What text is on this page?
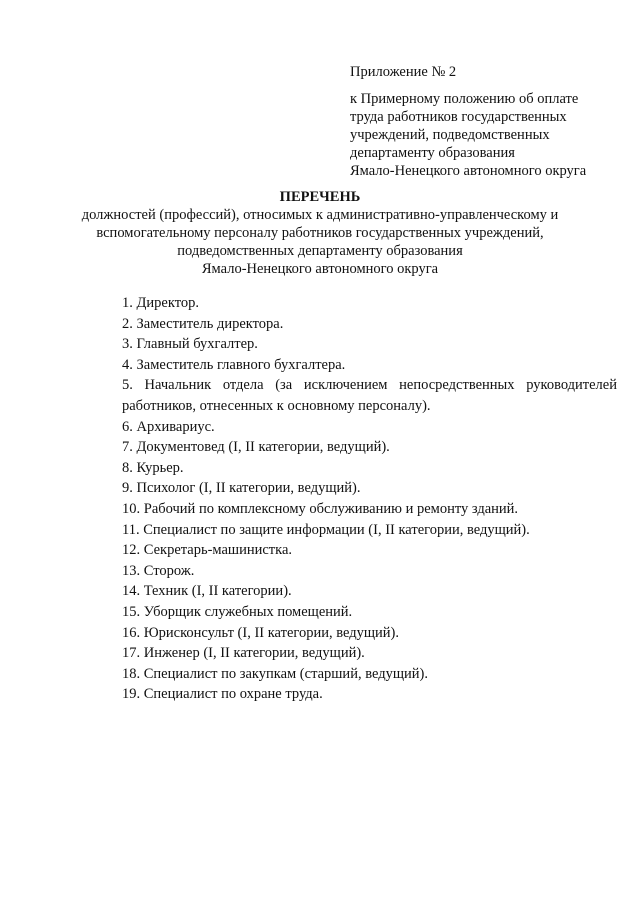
Приложение № 2
к Примерному положению об оплате
труда работников государственных
учреждений, подведомственных
департаменту образования
Ямало-Ненецкого автономного округа
ПЕРЕЧЕНЬ
должностей (профессий), относимых к административно-управленческому и
вспомогательному персоналу работников государственных учреждений,
подведомственных департаменту образования
Ямало-Ненецкого автономного округа
1. Директор.
2. Заместитель директора.
3. Главный бухгалтер.
4. Заместитель главного бухгалтера.
5. Начальник отдела (за исключением непосредственных руководителей работников, отнесенных к основному персоналу).
6. Архивариус.
7. Документовед (I, II категории, ведущий).
8. Курьер.
9. Психолог (I, II категории, ведущий).
10. Рабочий по комплексному обслуживанию и ремонту зданий.
11. Специалист по защите информации (I, II категории, ведущий).
12. Секретарь-машинистка.
13. Сторож.
14. Техник (I, II категории).
15. Уборщик служебных помещений.
16. Юрисконсульт (I, II категории, ведущий).
17. Инженер (I, II категории, ведущий).
18. Специалист по закупкам (старший, ведущий).
19. Специалист по охране труда.
